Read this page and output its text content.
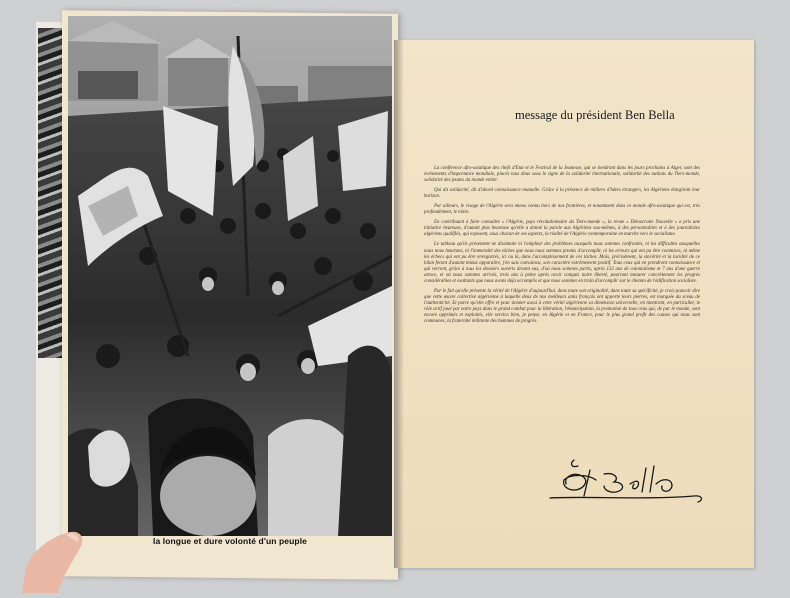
la longue et dure volonté d'un peuple
message du président Ben Bella

La conférence afro-asiatique des chefs d'Etat et le Festival de la Jeunesse, qui se tiendront dans les jours prochains à Alger, sont des événements d'importance mondiale, placés tous deux sous le signe de la solidarité internationale, solidarité des nations du Tiers-monde, solidarité des jeunes du monde entier.

Qui dit solidarité, dit d'abord connaissance mutuelle. Grâce à la présence de milliers d'hôtes étrangers, les Algériens élargiront leur horizon.

Par ailleurs, le visage de l'Algérie sera mieux connu hors de nos frontières, et notamment dans ce monde afro-asiatique qui est, très profondément, le nôtre.

En contribuant à faire connaître « l'Algérie, pays révolutionnaire du Tiers-monde », la revue « Démocratie Nouvelle » a pris une initiative heureuse, d'autant plus heureuse qu'elle a donné la parole aux Algériens eux-mêmes, à des personnalités et à des journalistes algériens qualifiés, qui exposent, sous chacun de ses aspects, la réalité de l'Algérie contemporaine en marche vers le socialisme.

Le tableau qu'ils présentent ne dissimule ni l'ampleur des problèmes auxquels nous sommes confrontés, ni les difficultés auxquelles nous nous heurtons, ni l'immensité des tâches que nous nous sommes promis d'accomplir, ni les erreurs qui ont pu être commises, ni même les échecs qui ont pu être enregistrés, ici ou là, dans l'accomplissement de ces tâches. Mais, précisément, la sincérité et la lucidité de ce bilan feront d'autant mieux apparaître, j'en suis convaincu, son caractère extrêmement positif. Tous ceux qui en prendront connaissance et qui verront, grâce à tous les dossiers ouverts devant eux, d'où nous sommes partis, après 132 ans de colonialisme et 7 ans d'une guerre atroce, et où nous sommes arrivés, trois ans à peine après avoir conquis notre liberté, pourront mesurer concrètement les progrès considérables et exaltants que nous avons déjà accomplis et que nous sommes en train d'accomplir sur le chemin de l'édification socialiste.

Par le fait qu'elle présente la vérité de l'Algérie d'aujourd'hui, dans toute son originalité, dans toute sa spécificité, je crois pouvoir dire que cette œuvre collective algérienne à laquelle deux de nos meilleurs amis français ont apporté leurs pierres, est marquée du sceau de l'authenticité. Et parce qu'elle offre et pour donner aussi à cette vérité algérienne sa dimension universelle, en montrant, en particulier, le rôle actif joué par notre pays dans le grand combat pour la libération, l'émancipation, la promotion de tous ceux qui, de par le monde, sont encore opprimés et exploités, elle servira bien, je pense, en Algérie et en France, pour le plus grand profit des causes qui nous sont communes, la fraternité militante des hommes de progrès.
